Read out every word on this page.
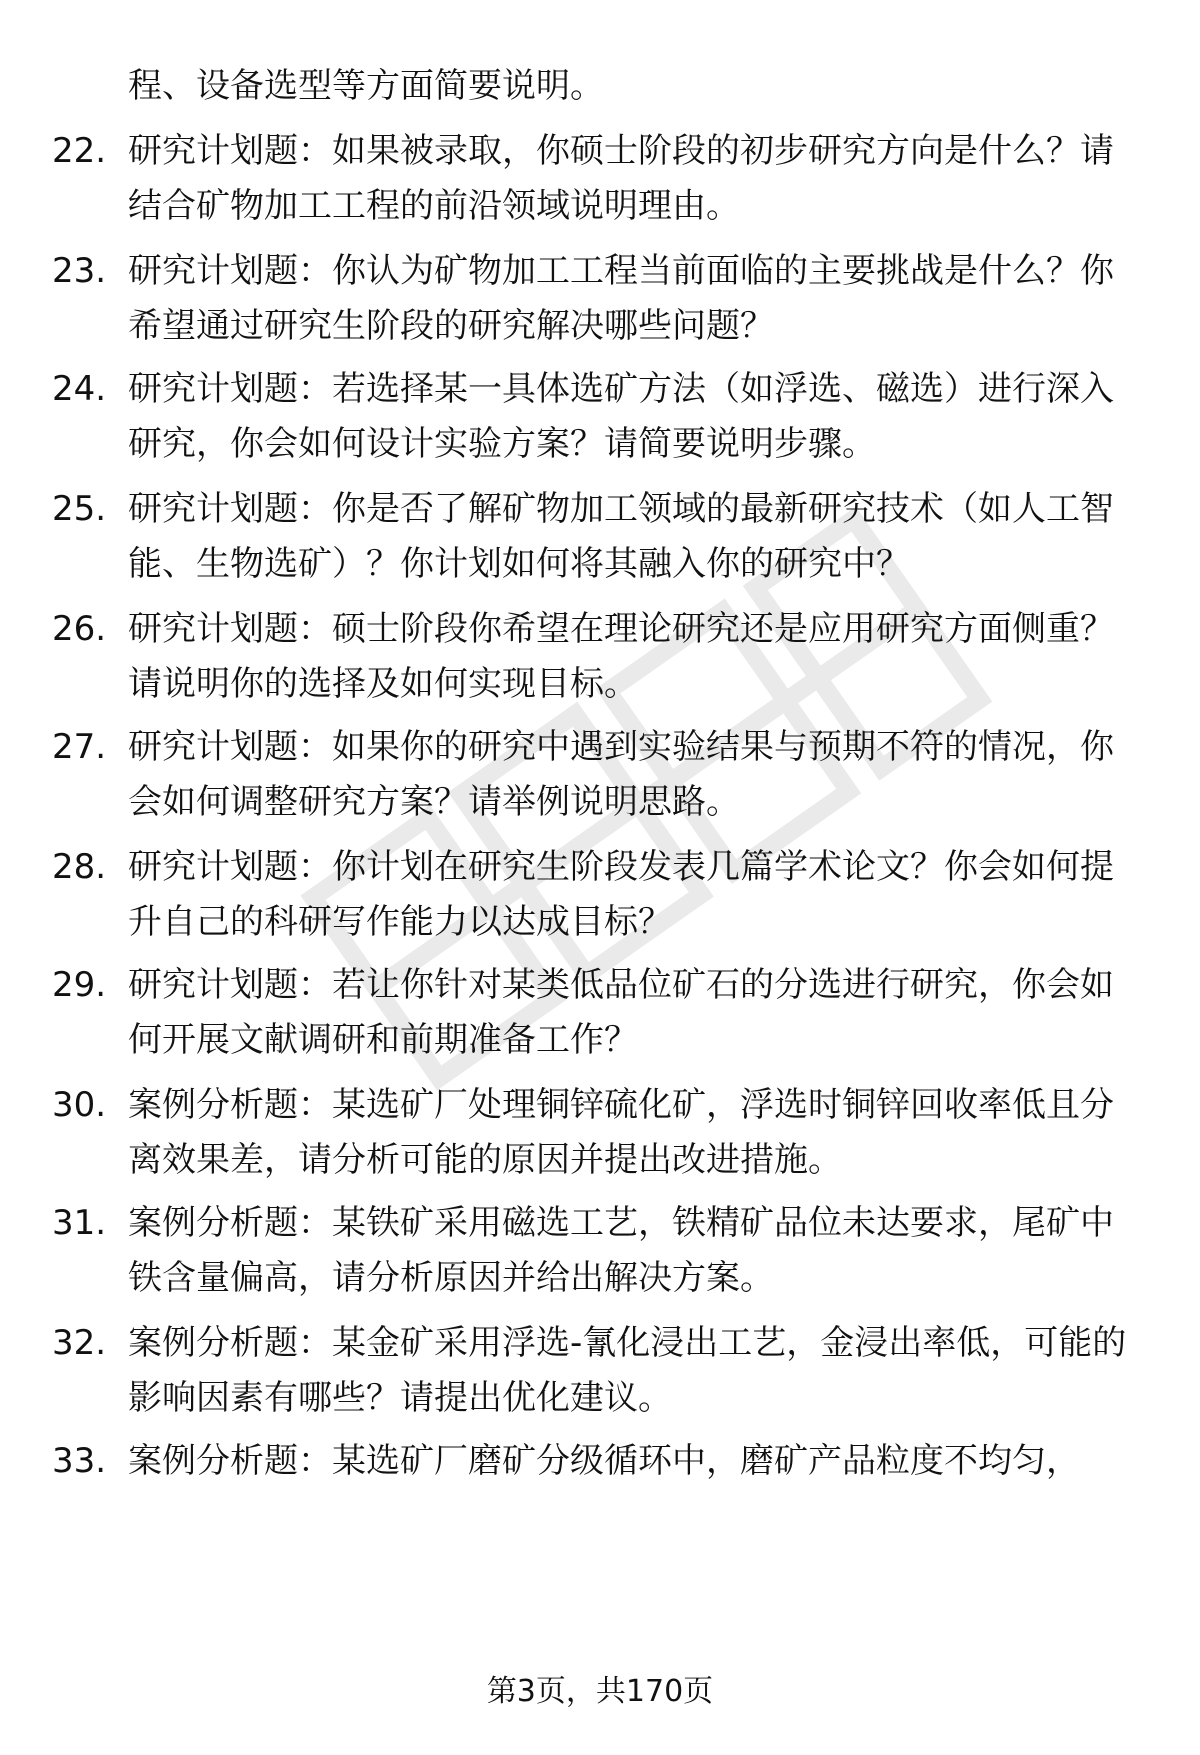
程、设备选型等方面简要说明。

22. 研究计划题：如果被录取，你硕士阶段的初步研究方向是什么？请结合矿物加工工程的前沿领域说明理由。
23. 研究计划题：你认为矿物加工工程当前面临的主要挑战是什么？你希望通过研究生阶段的研究解决哪些问题？
24. 研究计划题：若选择某一具体选矿方法（如浮选、磁选）进行深入研究，你会如何设计实验方案？请简要说明步骤。
25. 研究计划题：你是否了解矿物加工领域的最新研究技术（如人工智能、生物选矿）？你计划如何将其融入你的研究中？
26. 研究计划题：硕士阶段你希望在理论研究还是应用研究方面侧重？请说明你的选择及如何实现目标。
27. 研究计划题：如果你的研究中遇到实验结果与预期不符的情况，你会如何调整研究方案？请举例说明思路。
28. 研究计划题：你计划在研究生阶段发表几篇学术论文？你会如何提升自己的科研写作能力以达成目标？
29. 研究计划题：若让你针对某类低品位矿石的分选进行研究，你会如何开展文献调研和前期准备工作？
30. 案例分析题：某选矿厂处理铜锌硫化矿，浮选时铜锌回收率低且分离效果差，请分析可能的原因并提出改进措施。
31. 案例分析题：某铁矿采用磁选工艺，铁精矿品位未达要求，尾矿中铁含量偏高，请分析原因并给出解决方案。
32. 案例分析题：某金矿采用浮选-氰化浸出工艺，金浸出率低，可能的影响因素有哪些？请提出优化建议。
33. 案例分析题：某选矿厂磨矿分级循环中，磨矿产品粒度不均匀，
第3页，共170页
